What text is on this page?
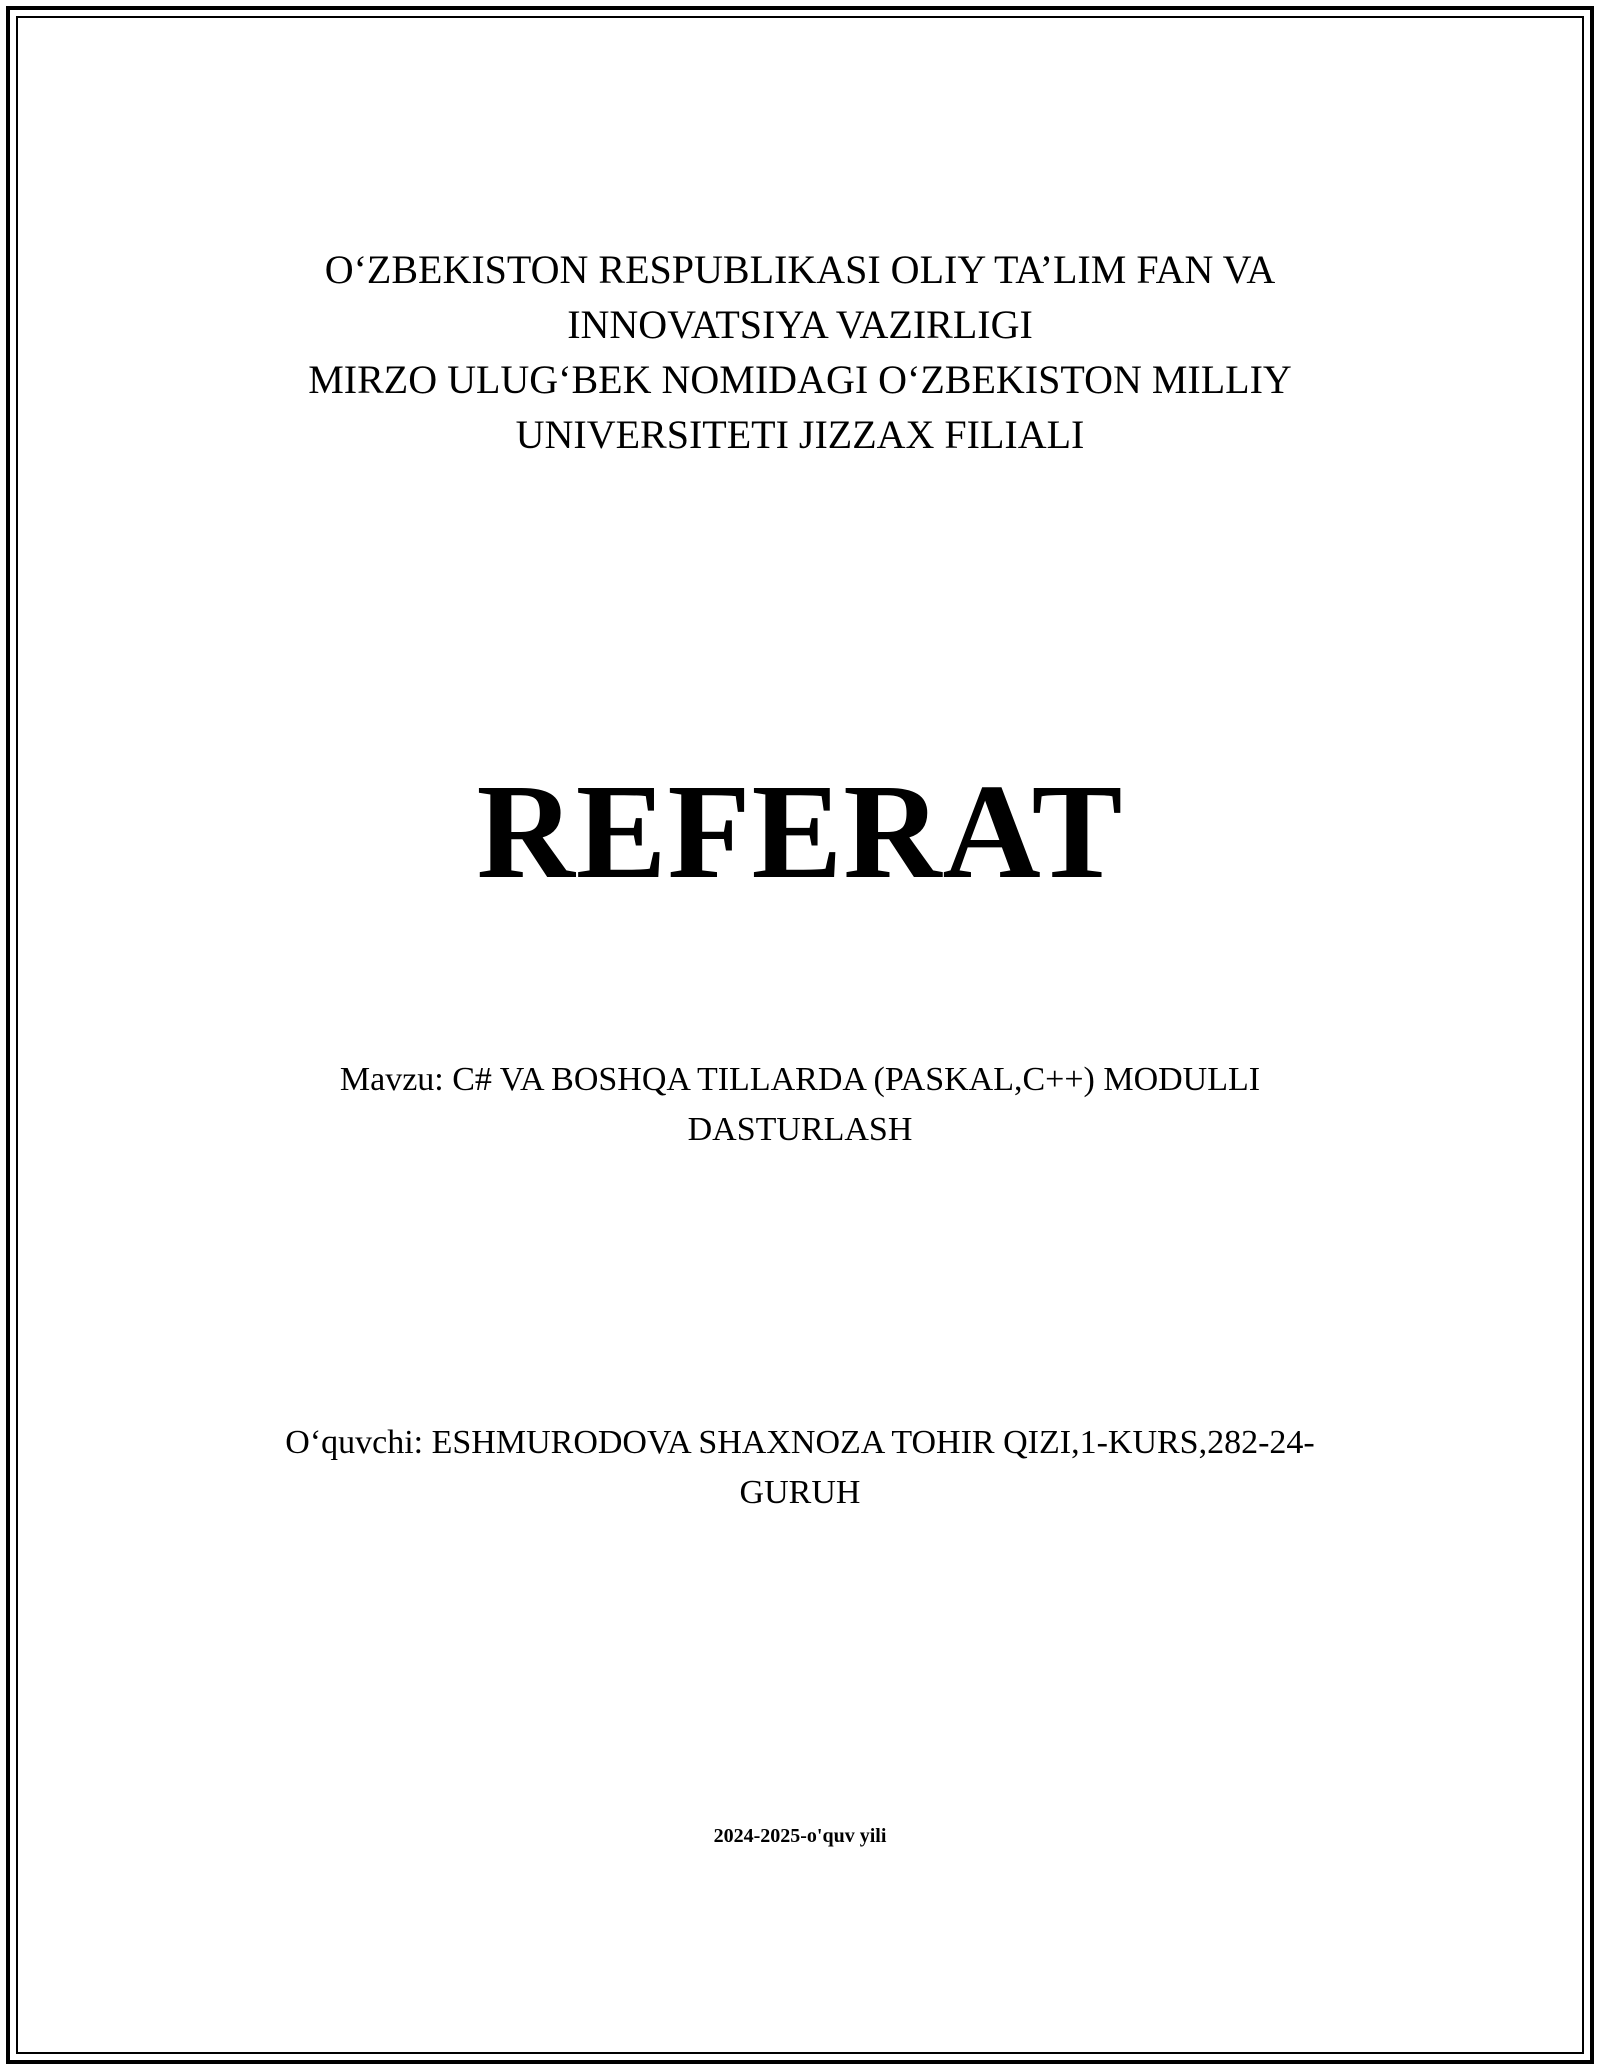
O‘ZBEKISTON RESPUBLIKASI OLIY TA’LIM FAN VA
INNOVATSIYA VAZIRLIGI
MIRZO ULUG‘BEK NOMIDAGI O‘ZBEKISTON MILLIY
UNIVERSITETI JIZZAX FILIALI
REFERAT
Mavzu: C# VA BOSHQA TILLARDA (PASKAL,C++) MODULLI
DASTURLASH
O‘quvchi: ESHMURODOVA SHAXNOZA TOHIR QIZI,1-KURS,282-24-
GURUH
2024-2025-o'quv yili
